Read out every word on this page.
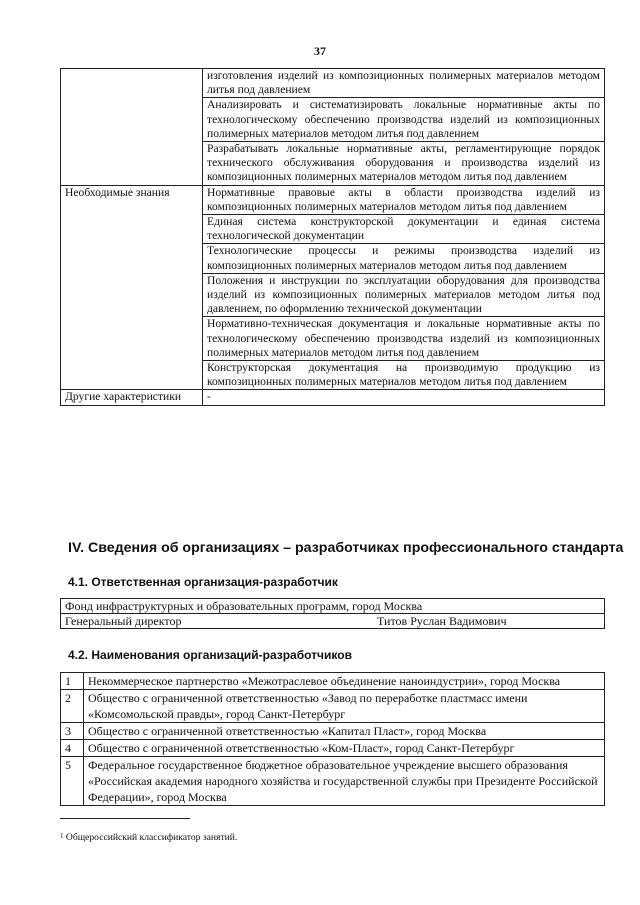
37
	изготовления изделий из композиционных полимерных материалов методом литья под давлением
	Анализировать и систематизировать локальные нормативные акты по технологическому обеспечению производства изделий из композиционных полимерных материалов методом литья под давлением
	Разрабатывать локальные нормативные акты, регламентирующие порядок технического обслуживания оборудования и производства изделий из композиционных полимерных материалов методом литья под давлением
Необходимые знания	Нормативные правовые акты в области производства изделий из композиционных полимерных материалов методом литья под давлением
	Единая система конструкторской документации и единая система технологической документации
	Технологические процессы и режимы производства изделий из композиционных полимерных материалов методом литья под давлением
	Положения и инструкции по эксплуатации оборудования для производства изделий из композиционных полимерных материалов методом литья под давлением, по оформлению технической документации
	Нормативно-техническая документация и локальные нормативные акты по технологическому обеспечению производства изделий из композиционных полимерных материалов методом литья под давлением
	Конструкторская документация на производимую продукцию из композиционных полимерных материалов методом литья под давлением
Другие характеристики	-
IV. Сведения об организациях – разработчиках профессионального стандарта
4.1. Ответственная организация-разработчик
Фонд инфраструктурных и образовательных программ, город Москва
Генеральный директор	Титов Руслан Вадимович
4.2. Наименования организаций-разработчиков
1	Некоммерческое партнерство «Межотраслевое объединение наноиндустрии», город Москва
2	Общество с ограниченной ответственностью «Завод по переработке пластмасс имени «Комсомольской правды», город Санкт-Петербург
3	Общество с ограниченной ответственностью «Капитал Пласт», город Москва
4	Общество с ограниченной ответственностью «Ком-Пласт», город Санкт-Петербург
5	Федеральное государственное бюджетное образовательное учреждение высшего образования «Российская академия народного хозяйства и государственной службы при Президенте Российской Федерации», город Москва
$^1$ Общероссийский классификатор занятий.
